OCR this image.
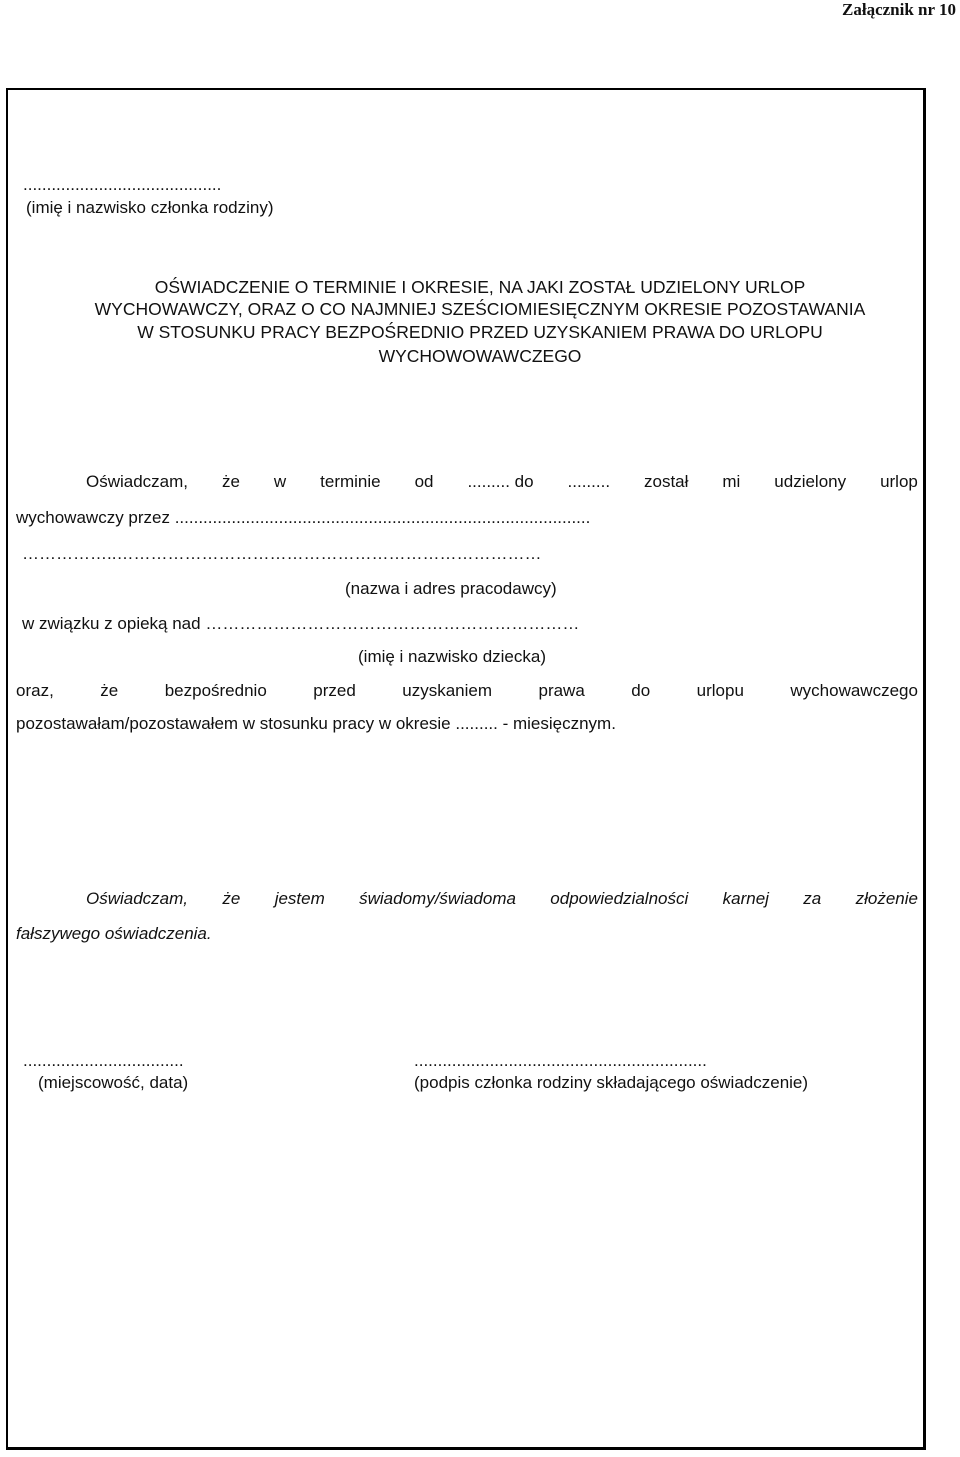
Załącznik nr 10
..........................................
(imię i nazwisko członka rodziny)
OŚWIADCZENIE O TERMINIE I OKRESIE, NA JAKI ZOSTAŁ UDZIELONY URLOP
WYCHOWAWCZY, ORAZ O CO NAJMNIEJ SZEŚCIOMIESIĘCZNYM OKRESIE POZOSTAWANIA
W STOSUNKU PRACY BEZPOŚREDNIO PRZED UZYSKANIEM PRAWA DO URLOPU
WYCHOWOWAWCZEGO
Oświadczam, że w terminie od ......... do ......... został mi udzielony urlop
wychowawczy przez ........................................................................................
……………..…………………………………………………………………
(nazwa i adres pracodawcy)
w związku z opieką nad …………………………………………………………
(imię i nazwisko dziecka)
oraz,	że	bezpośrednio	przed	uzyskaniem	prawa	do	urlopu	wychowawczego
pozostawałam/pozostawałem w stosunku pracy w okresie ......... - miesięcznym.
Oświadczam, że jestem świadomy/świadoma odpowiedzialności karnej za złożenie
fałszywego oświadczenia.
..................................
(miejscowość, data)
..............................................................
(podpis członka rodziny składającego oświadczenie)
